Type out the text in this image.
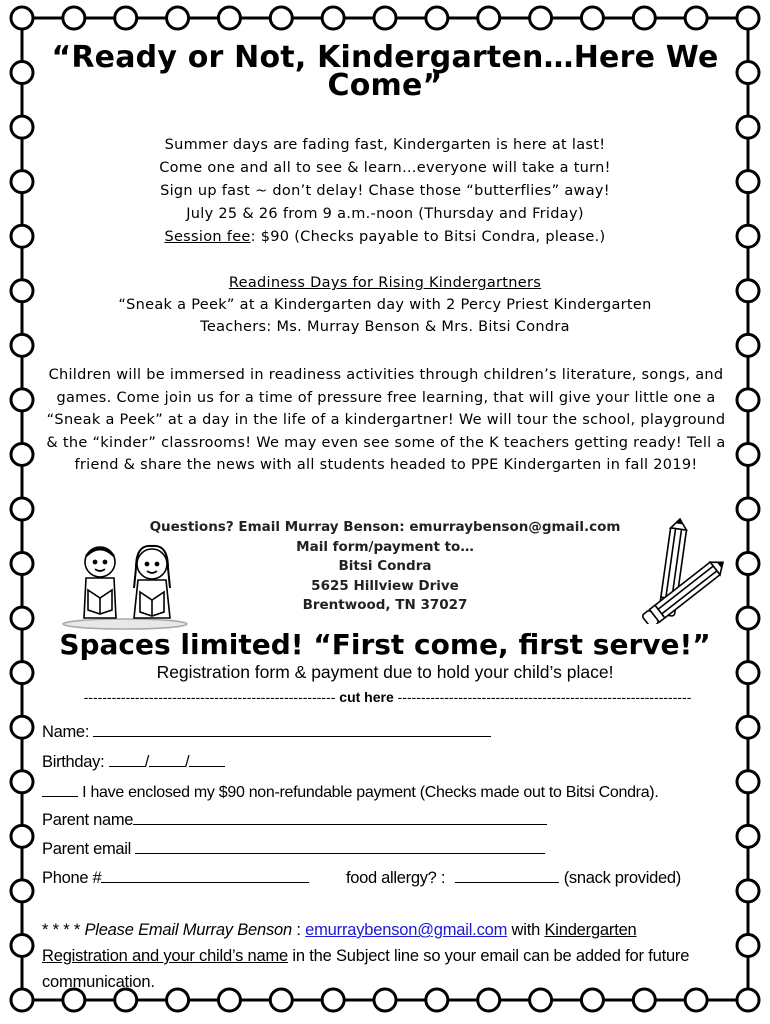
“Ready or Not, Kindergarten…Here We Come”
Summer days are fading fast, Kindergarten is here at last!
Come one and all to see & learn…everyone will take a turn!
Sign up fast ~ don’t delay! Chase those “butterflies” away!
July 25 & 26 from 9 a.m.-noon (Thursday and Friday)
Session fee: $90 (Checks payable to Bitsi Condra, please.)
Readiness Days for Rising Kindergartners
“Sneak a Peek” at a Kindergarten day with 2 Percy Priest Kindergarten
Teachers: Ms. Murray Benson & Mrs. Bitsi Condra
Children will be immersed in readiness activities through children’s literature, songs, and games. Come join us for a time of pressure free learning, that will give your little one a “Sneak a Peek” at a day in the life of a kindergartner! We will tour the school, playground & the “kinder” classrooms! We may even see some of the K teachers getting ready! Tell a friend & share the news with all students headed to PPE Kindergarten in fall 2019!
Questions? Email Murray Benson: emurraybenson@gmail.com
Mail form/payment to…
Bitsi Condra
5625 Hillview Drive
Brentwood, TN 37027
Spaces limited! “First come, first serve!”
Registration form & payment due to hold your child’s place!
------------------------------------------------------ cut here ---------------------------------------------------------------
Name:
Birthday: / /
I have enclosed my $90 non-refundable payment (Checks made out to Bitsi Condra).
Parent name
Parent email
Phone #	food allergy? :	(snack provided)
* * * * Please Email Murray Benson : emurraybenson@gmail.com with Kindergarten Registration and your child’s name in the Subject line so your email can be added for future communication.
